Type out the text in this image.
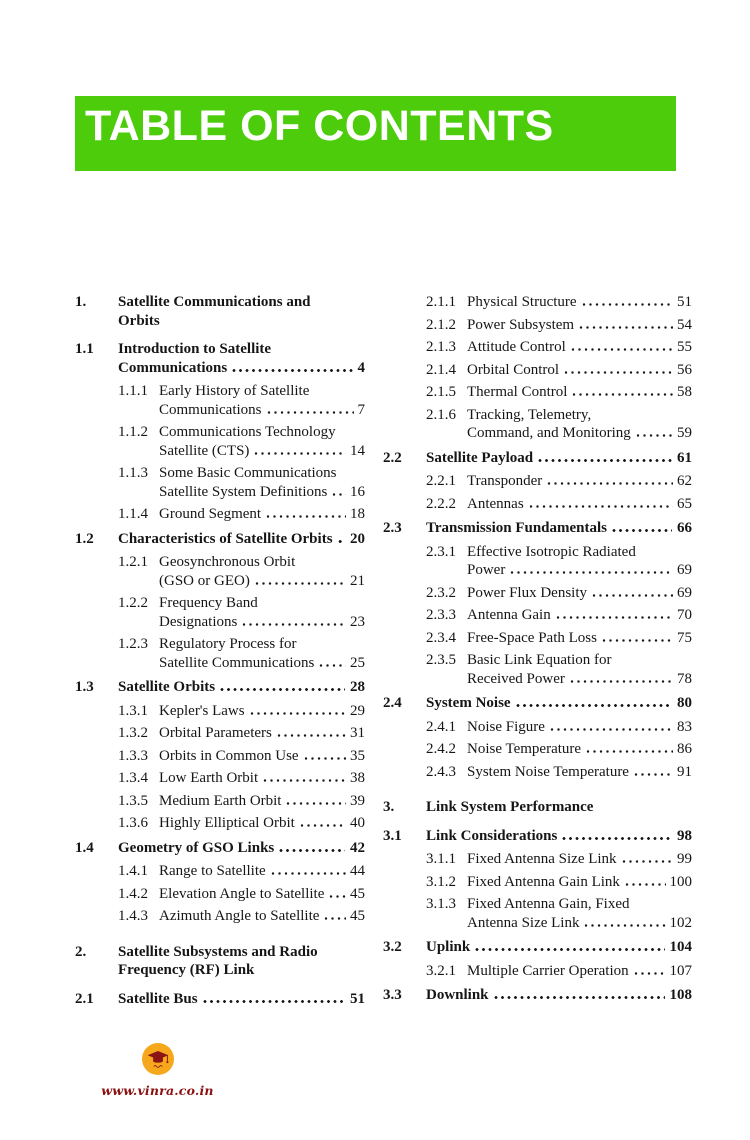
TABLE OF CONTENTS
1. Satellite Communications and
Orbits
1.1 Introduction to Satellite
Communications	4
1.1.1 Early History of Satellite
Communications	7
1.1.2 Communications Technology
Satellite (CTS)	14
1.1.3 Some Basic Communications
Satellite System Definitions 16
1.1.4 Ground Segment	18
1.2 Characteristics of Satellite Orbits 20
1.2.1 Geosynchronous Orbit
(GSO or GEO)	21
1.2.2 Frequency Band
Designations	23
1.2.3 Regulatory Process for
Satellite Communications 25
1.3 Satellite Orbits	28
1.3.1 Kepler's Laws	29
1.3.2 Orbital Parameters	31
1.3.3 Orbits in Common Use	35
1.3.4 Low Earth Orbit	38
1.3.5 Medium Earth Orbit	39
1.3.6 Highly Elliptical Orbit	40
1.4 Geometry of GSO Links	42
1.4.1 Range to Satellite	44
1.4.2 Elevation Angle to Satellite 45
1.4.3 Azimuth Angle to Satellite 45
2. Satellite Subsystems and Radio
Frequency (RF) Link
2.1 Satellite Bus	51
2.1.1 Physical Structure	51
2.1.2 Power Subsystem	54
2.1.3 Attitude Control	55
2.1.4 Orbital Control	56
2.1.5 Thermal Control	58
2.1.6 Tracking, Telemetry,
Command, and Monitoring	59
2.2 Satellite Payload	61
2.2.1 Transponder	62
2.2.2 Antennas	65
2.3 Transmission Fundamentals	66
2.3.1 Effective Isotropic Radiated
Power	69
2.3.2 Power Flux Density	69
2.3.3 Antenna Gain	70
2.3.4 Free-Space Path Loss	75
2.3.5 Basic Link Equation for
Received Power	78
2.4 System Noise	80
2.4.1 Noise Figure	83
2.4.2 Noise Temperature	86
2.4.3 System Noise Temperature	91
3. Link System Performance
3.1 Link Considerations	98
3.1.1 Fixed Antenna Size Link	99
3.1.2 Fixed Antenna Gain Link	100
3.1.3 Fixed Antenna Gain, Fixed
Antenna Size Link	102
3.2 Uplink	104
3.2.1 Multiple Carrier Operation	107
3.3 Downlink	108
www.vinra.co.in
